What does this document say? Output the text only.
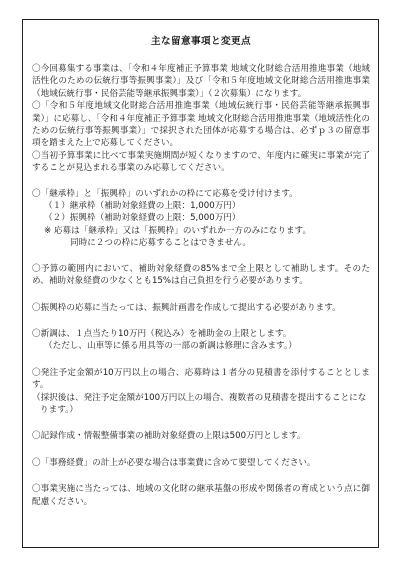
主な留意事項と変更点

〇今回募集する事業は、「令和４年度補正予算事業 地域文化財総合活用推進事業（地域活性化のための伝統行事等振興事業）」及び「令和５年度地域文化財総合活用推進事業（地域伝統行事・民俗芸能等継承振興事業）」（２次募集）になります。

〇「令和５年度地域文化財総合活用推進事業（地域伝統行事・民俗芸能等継承振興事業）」に応募し、「令和４年度補正予算事業 地域文化財総合活用推進事業（地域活性化のための伝統行事等振興事業）」で採択された団体が応募する場合は、必ずｐ３の留意事項を踏まえた上で応募してください。

〇当初予算事業に比べて事業実施期間が短くなりますので、年度内に確実に事業が完了することが見込まれる事業のみ応募してください。

〇「継承枠」と「振興枠」のいずれかの枠にて応募を受け付けます。

（１）継承枠（補助対象経費の上限：1,000万円）

（２）振興枠（補助対象経費の上限：5,000万円）

※ 応募は「継承枠」又は「振興枠」のいずれか一方のみになります。

同時に２つの枠に応募することはできません。

〇予算の範囲内において、補助対象経費の85%まで全上限として補助します。そのため、補助対象経費の少なくとも15%は自己負担を行う必要があります。

〇振興枠の応募に当たっては、振興計画書を作成して提出する必要があります。

〇新調は、１点当たり10万円（税込み）を補助金の上限とします。

（ただし、山車等に係る用具等の一部の新調は修理に含みます。）

〇発注予定金額が10万円以上の場合、応募時は１者分の見積書を添付することとします。

（採択後は、発注予定金額が100万円以上の場合、複数者の見積書を提出することになります。）

〇記録作成・情報整備事業の補助対象経費の上限は500万円とします。

〇「事務経費」の計上が必要な場合は事業費に含めて要望してください。

〇事業実施に当たっては、地域の文化財の継承基盤の形成や関係者の育成という点に御配慮ください。
